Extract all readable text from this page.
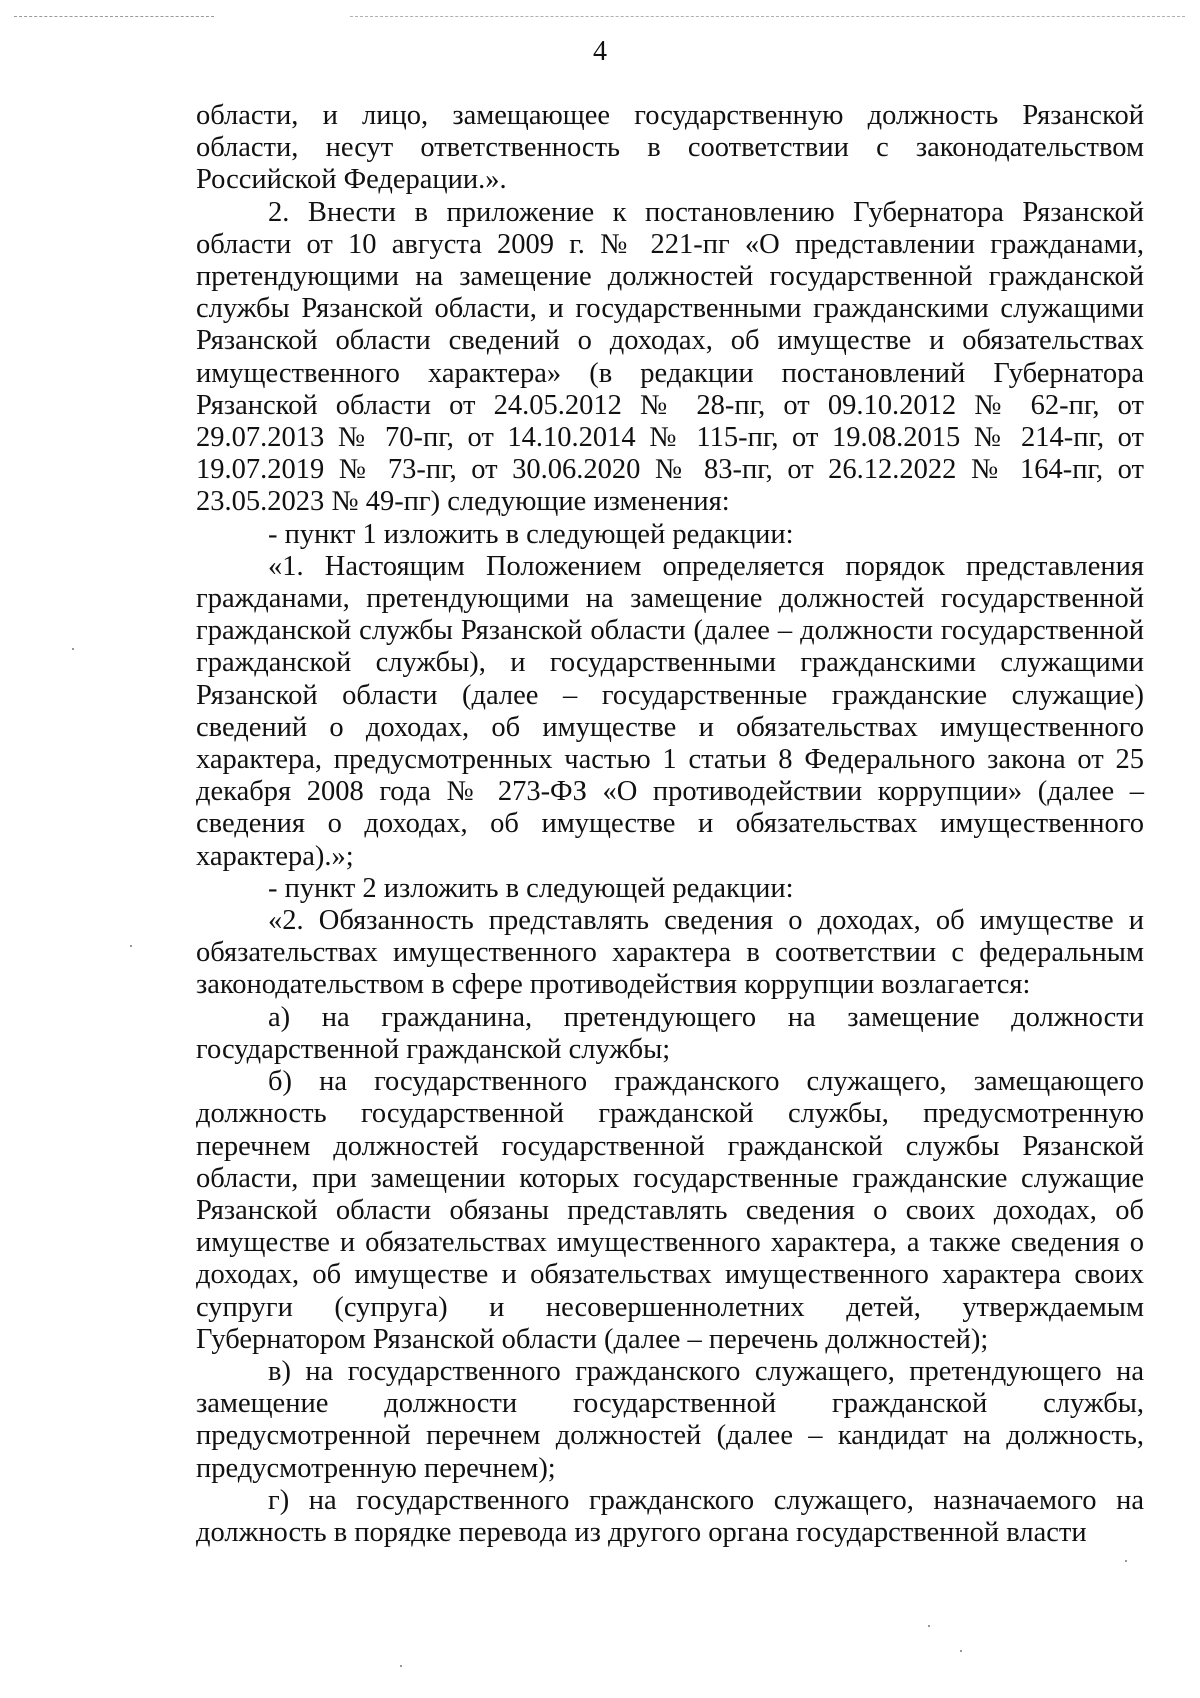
4

области, и лицо, замещающее государственную должность Рязанской области, несут ответственность в соответствии с законодательством Российской Федерации.».

2. Внести в приложение к постановлению Губернатора Рязанской области от 10 августа 2009 г. № 221-пг «О представлении гражданами, претендующими на замещение должностей государственной гражданской службы Рязанской области, и государственными гражданскими служащими Рязанской области сведений о доходах, об имуществе и обязательствах имущественного характера» (в редакции постановлений Губернатора Рязанской области от 24.05.2012 № 28-пг, от 09.10.2012 № 62-пг, от 29.07.2013 № 70-пг, от 14.10.2014 № 115-пг, от 19.08.2015 № 214-пг, от 19.07.2019 № 73-пг, от 30.06.2020 № 83-пг, от 26.12.2022 № 164-пг, от 23.05.2023 № 49-пг) следующие изменения:

- пункт 1 изложить в следующей редакции:

«1. Настоящим Положением определяется порядок представления гражданами, претендующими на замещение должностей государственной гражданской службы Рязанской области (далее – должности государственной гражданской службы), и государственными гражданскими служащими Рязанской области (далее – государственные гражданские служащие) сведений о доходах, об имуществе и обязательствах имущественного характера, предусмотренных частью 1 статьи 8 Федерального закона от 25 декабря 2008 года № 273-ФЗ «О противодействии коррупции» (далее – сведения о доходах, об имуществе и обязательствах имущественного характера).»;

- пункт 2 изложить в следующей редакции:

«2. Обязанность представлять сведения о доходах, об имуществе и обязательствах имущественного характера в соответствии с федеральным законодательством в сфере противодействия коррупции возлагается:

а) на гражданина, претендующего на замещение должности государственной гражданской службы;

б) на государственного гражданского служащего, замещающего должность государственной гражданской службы, предусмотренную перечнем должностей государственной гражданской службы Рязанской области, при замещении которых государственные гражданские служащие Рязанской области обязаны представлять сведения о своих доходах, об имуществе и обязательствах имущественного характера, а также сведения о доходах, об имуществе и обязательствах имущественного характера своих супруги (супруга) и несовершеннолетних детей, утверждаемым Губернатором Рязанской области (далее – перечень должностей);

в) на государственного гражданского служащего, претендующего на замещение должности государственной гражданской службы, предусмотренной перечнем должностей (далее – кандидат на должность, предусмотренную перечнем);

г) на государственного гражданского служащего, назначаемого на должность в порядке перевода из другого органа государственной власти
